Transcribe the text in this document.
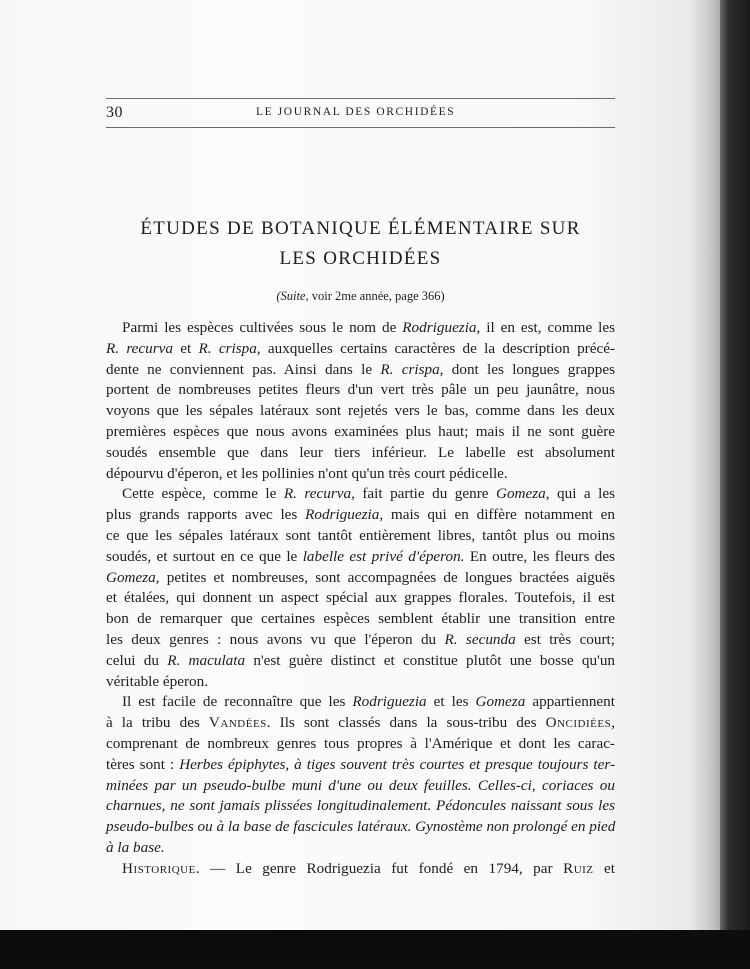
30	LE JOURNAL DES ORCHIDÉES
ÉTUDES DE BOTANIQUE ÉLÉMENTAIRE SUR
LES ORCHIDÉES
(Suite, voir 2me année, page 366)
Parmi les espèces cultivées sous le nom de Rodriguezia, il en est, comme les
R. recurva et R. crispa, auxquelles certains caractères de la description précé-
dente ne conviennent pas. Ainsi dans le R. crispa, dont les longues grappes
portent de nombreuses petites fleurs d'un vert très pâle un peu jaunâtre, nous
voyons que les sépales latéraux sont rejetés vers le bas, comme dans les deux
premières espèces que nous avons examinées plus haut; mais il ne sont guère
soudés ensemble que dans leur tiers inférieur. Le labelle est absolument
dépourvu d'éperon, et les pollinies n'ont qu'un très court pédicelle.
Cette espèce, comme le R. recurva, fait partie du genre Gomeza, qui a les
plus grands rapports avec les Rodriguezia, mais qui en diffère notamment en
ce que les sépales latéraux sont tantôt entièrement libres, tantôt plus ou moins
soudés, et surtout en ce que le labelle est privé d'éperon. En outre, les fleurs des
Gomeza, petites et nombreuses, sont accompagnées de longues bractées aiguës
et étalées, qui donnent un aspect spécial aux grappes florales. Toutefois, il est
bon de remarquer que certaines espèces semblent établir une transition entre
les deux genres : nous avons vu que l'éperon du R. secunda est très court;
celui du R. maculata n'est guère distinct et constitue plutôt une bosse qu'un
véritable éperon.
Il est facile de reconnaître que les Rodriguezia et les Gomeza appartiennent
à la tribu des Vandées. Ils sont classés dans la sous-tribu des Oncidiées,
comprenant de nombreux genres tous propres à l'Amérique et dont les carac-
tères sont : Herbes épiphytes, à tiges souvent très courtes et presque toujours ter-
minées par un pseudo-bulbe muni d'une ou deux feuilles. Celles-ci, coriaces ou
charnues, ne sont jamais plissées longitudinalement. Pédoncules naissant sous les
pseudo-bulbes ou à la base de fascicules latéraux. Gynostème non prolongé en pied
à la base.
Historique. — Le genre Rodriguezia fut fondé en 1794, par Ruiz et
